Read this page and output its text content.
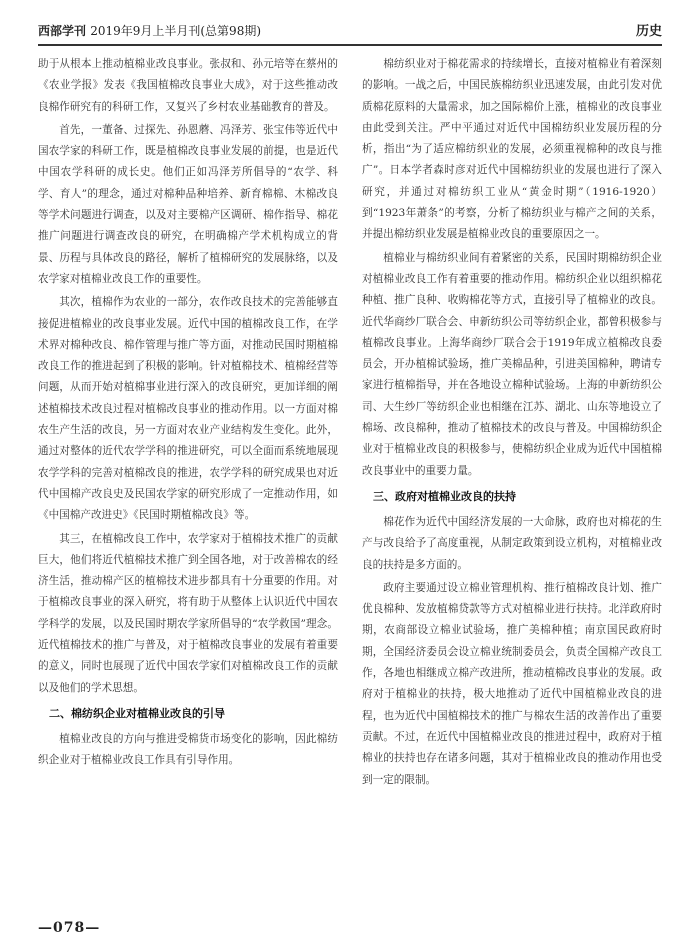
西部学刊 2019年9月上半月刊(总第98期)	历史
助于从根本上推动植棉业改良事业。张叔和、孙元培等在蔡州的《农业学报》发表《我国植棉改良事业大成》，对于这些推动改良棉作研究有的科研工作，又复兴了乡村农业基础教育的普及。
首先，一董备、过探先、孙恩蘑、冯泽芳、张宝伟等近代中国农学家的科研工作，既是植棉改良事业发展的前提，也是近代中国农学科研的成长史。他们正如冯泽芳所倡导的“农学、科学、育人”的理念，通过对棉种品种培养、新育棉棉、木棉改良等学术问题进行调查，以及对主要棉产区调研、棉作指导、棉花推广问题进行调查改良的研究，在明确棉产学术机构成立的背景、历程与具体改良的路径，解析了植棉研究的发展脉络，以及农学家对植棉业改良工作的重要性。
其次，植棉作为农业的一部分，农作改良技术的完善能够直接促进植棉业的改良事业发展。近代中国的植棉改良工作，在学术界对棉种改良、棉作管理与推广等方面，对推动民国时期植棉改良工作的推进起到了积极的影响。针对植棉技术、植棉经营等问题，从而开始对植棉事业进行深入的改良研究，更加详细的阐述植棉技术改良过程对植棉改良事业的推动作用。以一方面对棉农生产生活的改良，另一方面对农业产业结构发生变化。此外，通过对整体的近代农学学科的推进研究，可以全面而系统地展现农学学科的完善对植棉改良的推进，农学学科的研究成果也对近代中国棉产改良史及民国农学家的研究形成了一定推动作用，如《中国棉产改进史》《民国时期植棉改良》等。
其三，在植棉改良工作中，农学家对于植棉技术推广的贡献巨大，他们将近代植棉技术推广到全国各地，对于改善棉农的经济生活，推动棉产区的植棉技术进步都具有十分重要的作用。对于植棉改良事业的深入研究，将有助于从整体上认识近代中国农学科学的发展，以及民国时期农学家所倡导的“农学救国”理念。近代植棉技术的推广与普及，对于植棉改良事业的发展有着重要的意义，同时也展现了近代中国农学家们对植棉改良工作的贡献以及他们的学术思想。
二、棉纺织企业对植棉业改良的引导
植棉业改良的方向与推进受棉货市场变化的影响，因此棉纺织企业对于植棉业改良工作具有引导作用。
棉纺织业对于棉花需求的持续增长，直接对植棉业有着深刻的影响。一战之后，中国民族棉纺织业迅速发展，由此引发对优质棉花原料的大量需求，加之国际棉价上涨，植棉业的改良事业由此受到关注。严中平通过对近代中国棉纺织业发展历程的分析，指出“为了适应棉纺织业的发展，必须重视棉种的改良与推广”。日本学者森时彦对近代中国棉纺织业的发展也进行了深入研究，并通过对棉纺织工业从“黄金时期”（1916-1920）到“1923年萧条”的考察，分析了棉纺织业与棉产之间的关系，并提出棉纺织业发展是植棉业改良的重要原因之一。
植棉业与棉纺织业间有着紧密的关系，民国时期棉纺织企业对植棉业改良工作有着重要的推动作用。棉纺织企业以组织棉花种植、推广良种、收购棉花等方式，直接引导了植棉业的改良。近代华商纱厂联合会、申新纺织公司等纺织企业，都曾积极参与植棉改良事业。上海华商纱厂联合会于1919年成立植棉改良委员会，开办植棉试验场，推广美棉品种，引进美国棉种，聘请专家进行植棉指导，并在各地设立棉种试验场。上海的申新纺织公司、大生纱厂等纺织企业也相继在江苏、湖北、山东等地设立了棉场、改良棉种，推动了植棉技术的改良与普及。中国棉纺织企业对于植棉业改良的积极参与，使棉纺织企业成为近代中国植棉改良事业中的重要力量。
三、政府对植棉业改良的扶持
棉花作为近代中国经济发展的一大命脉，政府也对棉花的生产与改良给予了高度重视，从制定政策到设立机构，对植棉业改良的扶持是多方面的。
政府主要通过设立棉业管理机构、推行植棉改良计划、推广优良棉种、发放植棉贷款等方式对植棉业进行扶持。北洋政府时期，农商部设立棉业试验场，推广美棉种植；南京国民政府时期，全国经济委员会设立棉业统制委员会，负责全国棉产改良工作，各地也相继成立棉产改进所，推动植棉改良事业的发展。政府对于植棉业的扶持，极大地推动了近代中国植棉业改良的进程，也为近代中国植棉技术的推广与棉农生活的改善作出了重要贡献。不过，在近代中国植棉业改良的推进过程中，政府对于植棉业的扶持也存在诸多问题，其对于植棉业改良的推动作用也受到一定的限制。
—078—
